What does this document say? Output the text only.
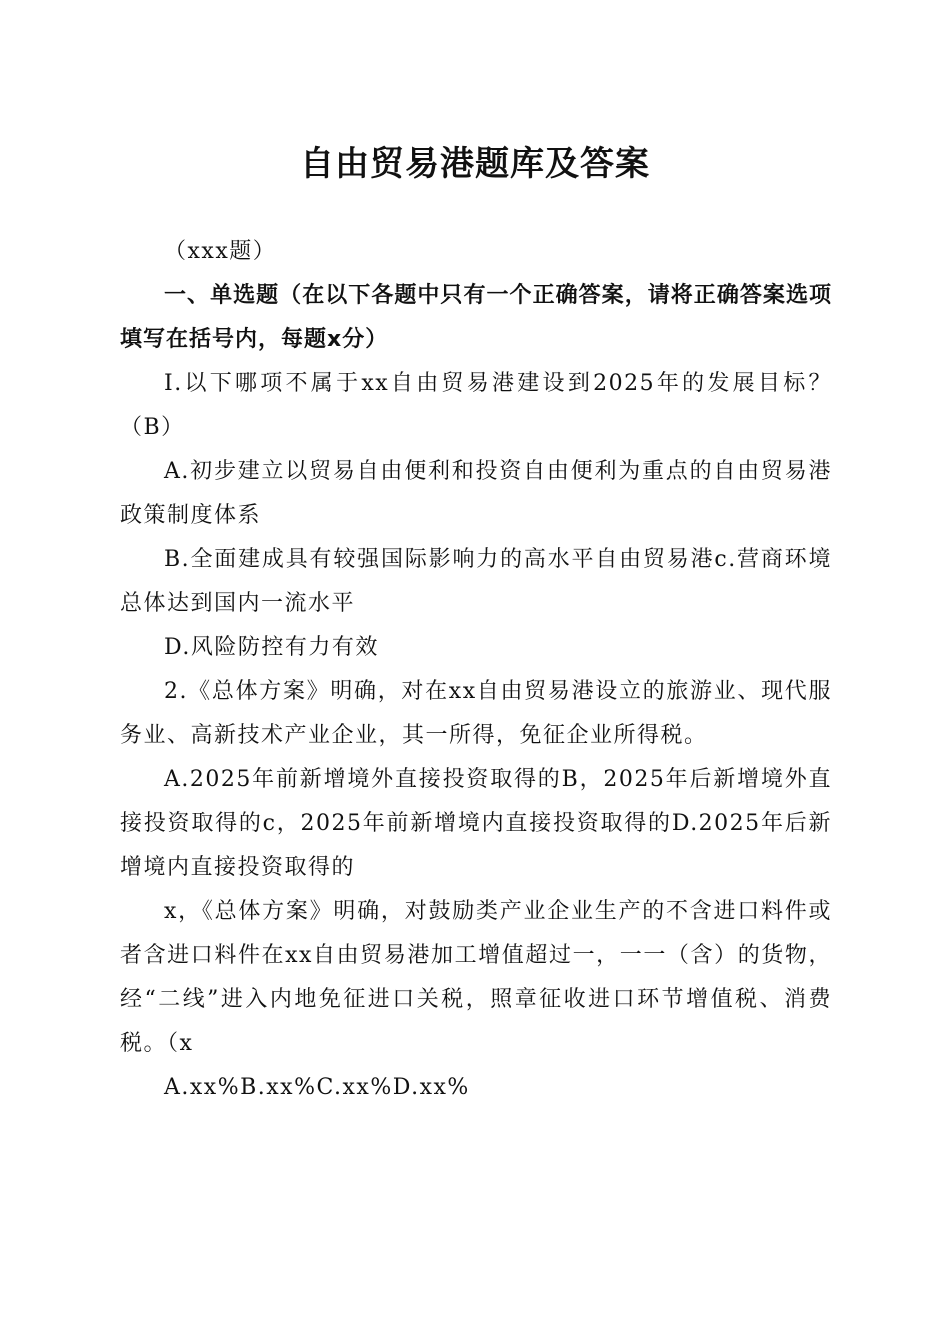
自由贸易港题库及答案

（xxx题）

一、单选题（在以下各题中只有一个正确答案，请将正确答案选项填写在括号内，每题x分）

I.以下哪项不属于xx自由贸易港建设到2025年的发展目标？（B）

A.初步建立以贸易自由便利和投资自由便利为重点的自由贸易港政策制度体系

B.全面建成具有较强国际影响力的高水平自由贸易港c.营商环境总体达到国内一流水平

D.风险防控有力有效

2.《总体方案》明确，对在xx自由贸易港设立的旅游业、现代服务业、高新技术产业企业，其一所得，免征企业所得税。

A.2025年前新增境外直接投资取得的B，2025年后新增境外直接投资取得的c，2025年前新增境内直接投资取得的D.2025年后新增境内直接投资取得的

x，《总体方案》明确，对鼓励类产业企业生产的不含进口料件或者含进口料件在xx自由贸易港加工增值超过一，一一（含）的货物，经“二线”进入内地免征进口关税，照章征收进口环节增值税、消费税。（x

A.xx%B.xx%C.xx%D.xx%
